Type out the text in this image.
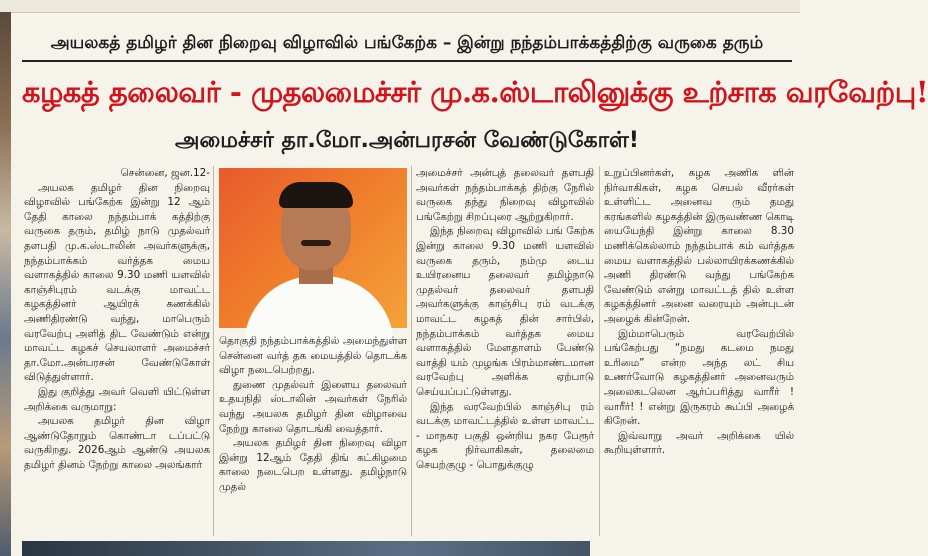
அயலகத் தமிழர் தின நிறைவு விழாவில் பங்கேற்க – இன்று நந்தம்பாக்கத்திற்கு வருகை தரும்
கழகத் தலைவர் - முதலமைச்சர் மு.க.ஸ்டாலினுக்கு உற்சாக வரவேற்பு!
அமைச்சர் தா.மோ.அன்பரசன் வேண்டுகோள்!

சென்னை, ஜன.12-

அயலக தமிழர் தின நிறைவு விழாவில் பங்கேற்க இன்று 12 ஆம் தேதி காலை நந்தம்பாக் கத்திற்கு வருகை தரும், தமிழ் நாடு முதல்வர் தளபதி மு.க.ஸ்டாலின் அவர்களுக்கு, நந்தம்பாக்கம் வர்த்தக மைய வளாகத்தில் காலை 9.30 மணி யளவில் காஞ்சிபுரம் வடக்கு மாவட்ட கழகத்தினர் ஆயிரக் கணக்கில் அணிதிரண்டு வந்து, மாபெரும் வரவேற்பு அளித் திட வேண்டும் என்று மாவட்ட கழகச் செயலாளர் அமைச்சர் தா.மோ.அன்பரசன் வேண்டுகோள் விடுத்துள்ளார்.

இது குறித்து அவர் வெளி யிட்டுள்ள அறிக்கை வருமாறு:

அயலக தமிழர் தின விழா ஆண்டுதோறும் கொண்டா டப்பட்டு வருகிறது. 2026ஆம் ஆண்டு அயலக தமிழர் தினம் நேற்று காலை அலங்கார்

தொகுதி நந்தம்பாக்கத்தில் அமைந்துள்ள சென்னை வர்த் தக மையத்தில் தொடக்க விழா நடைபெற்றது.

துணை முதல்வர் இளைய தலைவர் உதயநிதி ஸ்டாலின் அவர்கள் நேரில் வந்து அயலக தமிழர் தின விழாவை நேற்று காலை தொடங்கி வைத்தார்.

அயலக தமிழர் தின நிறைவு விழா இன்று 12ஆம் தேதி திங் கட்கிழமை காலை நடைபெற உள்ளது. தமிழ்நாடு முதல்

அமைச்சர் அன்புத் தலைவர் தளபதி அவர்கள் நந்தம்பாக்கத் திற்கு நேரில் வருகை தந்து நிறைவு விழாவில் பங்கேற்று சிறப்புரை ஆற்றுகிறார்.

இந்த நிறைவு விழாவில் பங் கேற்க இன்று காலை 9.30 மணி யளவில் வருகை தரும், நம்மு டைய உயிரனைய தலைவர் தமிழ்நாடு முதல்வர் தலைவர் தளபதி அவர்களுக்கு காஞ்சிபு ரம் வடக்கு மாவட்ட கழகத் தின் சார்பில், நந்தம்பாக்கம் வர்த்தக மைய வளாகத்தில் மேளதாளம் பேண்டு வாத்தி யம் முழங்க பிரம்மாண்டமான வரவேற்பு அளிக்க ஏற்பாடு செய்யப்பட்டுள்ளது.

இந்த வரவேற்பில் காஞ்சிபு ரம் வடக்கு மாவட்டத்தில் உள்ள மாவட்ட - மாநகர பகுதி ஒன்றிய நகர பேரூர் கழக நிர்வாகிகள், தலைமை செயற்குழு - பொதுக்குழு

உறுப்பினர்கள், கழக அணிக ளின் நிர்வாகிகள், கழக செயல் வீரர்கள் உள்ளிட்ட அனைவ ரும் தமது கரங்களில் கழகத்தின் இருவண்ண கொடி யையேந்தி இன்று காலை 8.30 மணிக்கெல்லாம் நந்தம்பாக் கம் வர்த்தக மைய வளாகத்தில் பல்லாயிரக்கணக்கில் அணி திரண்டு வந்து பங்கேற்க வேண்டும் என்று மாவட்டத் தில் உள்ள கழகத்தினர் அனை வரையும் அன்புடன் அழைக் கின்றேன்.

இம்மாபெரும் வரவேற்பில் பங்கேற்பது “நமது கடமை நமது உரிமை” என்ற அந்த லட் சிய உணர்வோடு கழகத்தினர் அனைவரும் அலைகடலென ஆர்ப்பரித்து வாரீர் ! வாரீர்! ! என்று இருகரம் கூப்பி அழைக் கிறேன்.

இவ்வாறு அவர் அறிக்கை யில் கூறியுள்ளார்.
